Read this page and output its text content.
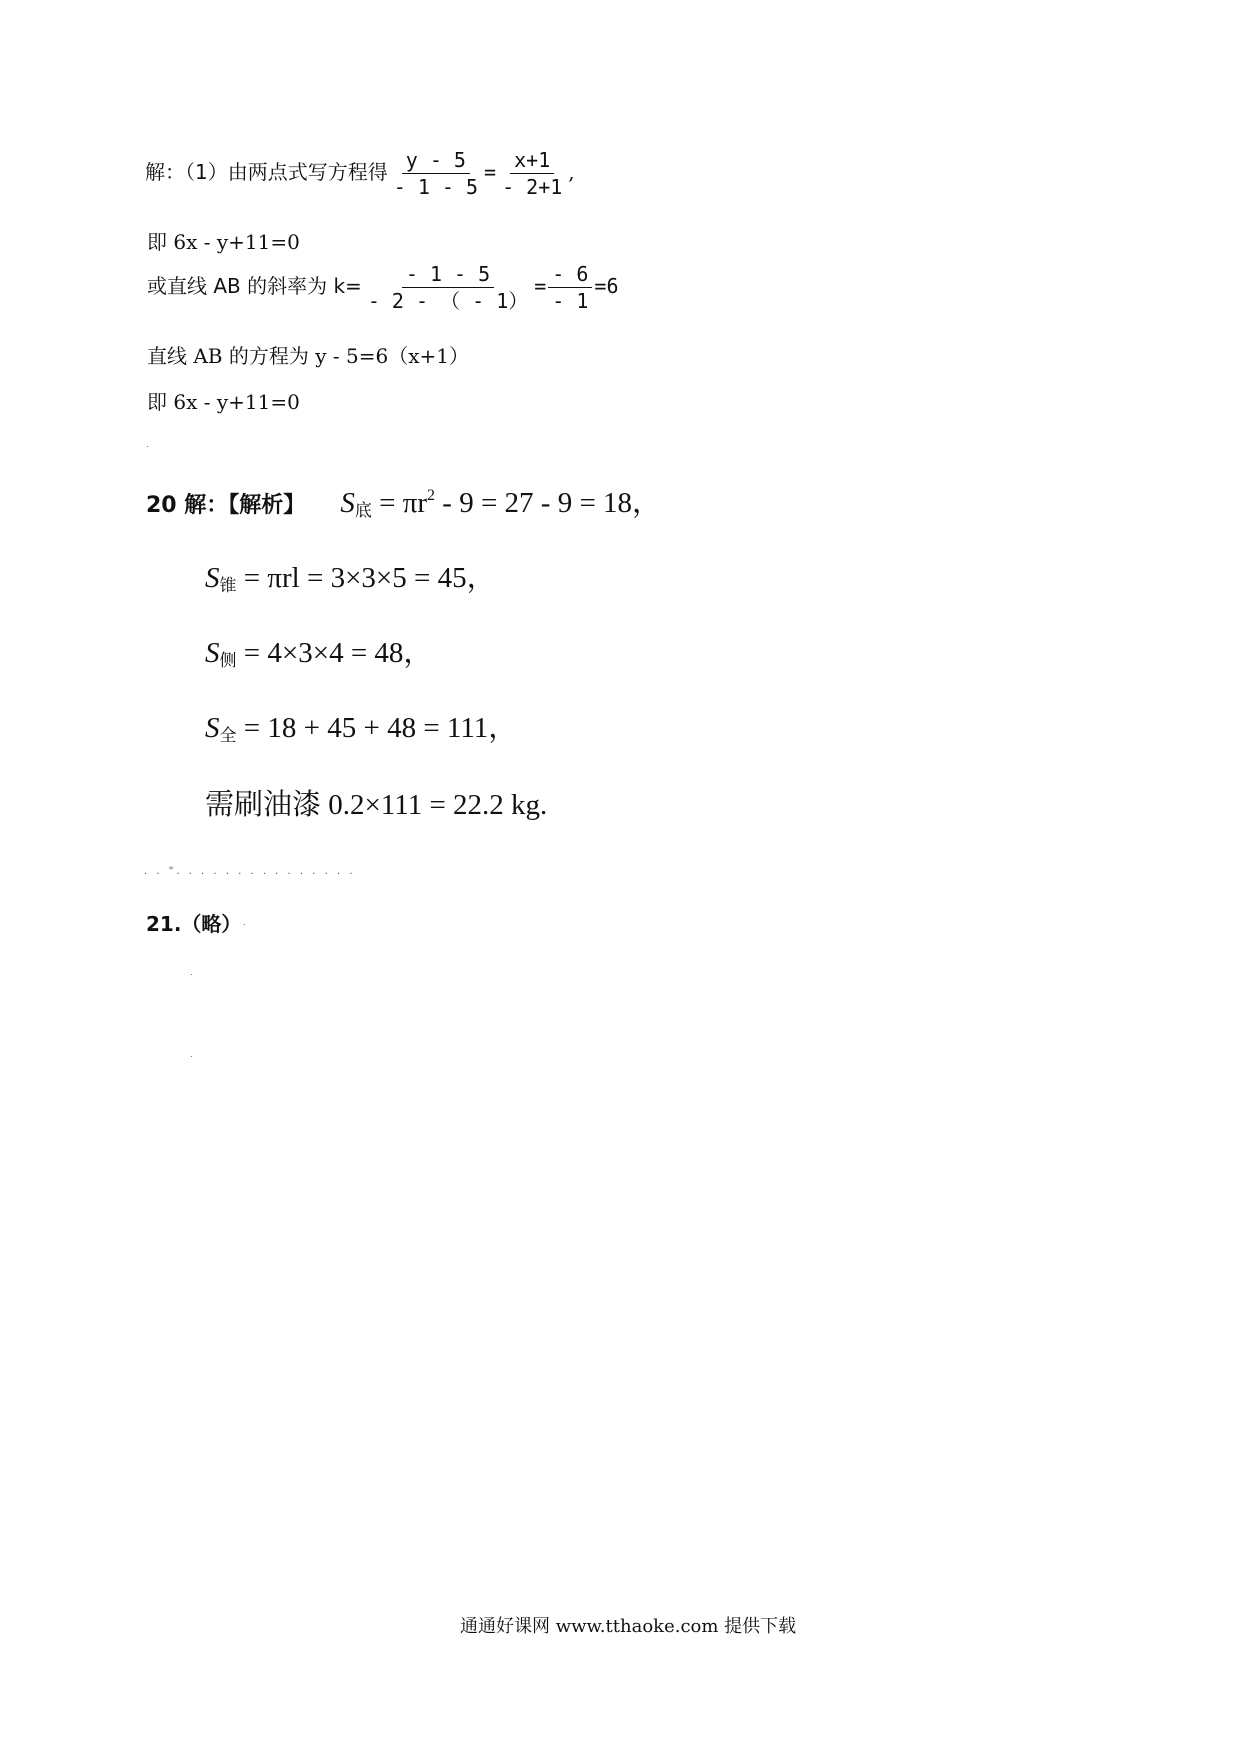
解：（1）由两点式写方程得 $\frac{y - 5}{- 1 - 5} = \frac{x+1}{- 2+1}$ ,
即 6x - y+11=0
或直线 AB 的斜率为 $k= \frac{- 1 - 5}{- 2 - ( - 1)} = \frac{- 6}{- 1} =6$
直线 AB 的方程为 y - 5=6（x+1）
即 6x - y+11=0
.
20 解：【解析】 $S_底 = \pi r^2 - 9 = 27 - 9 = 18$，
$S_锥 = \pi rl = 3\times 3\times 5 = 45$，
$S_侧 = 4\times 3\times 4 = 48$，
$S_全 = 18 + 45 + 48 = 111$，
需刷油漆 0.2×111 = 22.2 kg.
. . ". . . . . . . . . . . . . . .
21.（略） .
.
.
通通好课网 www.tthaoke.com 提供下载
